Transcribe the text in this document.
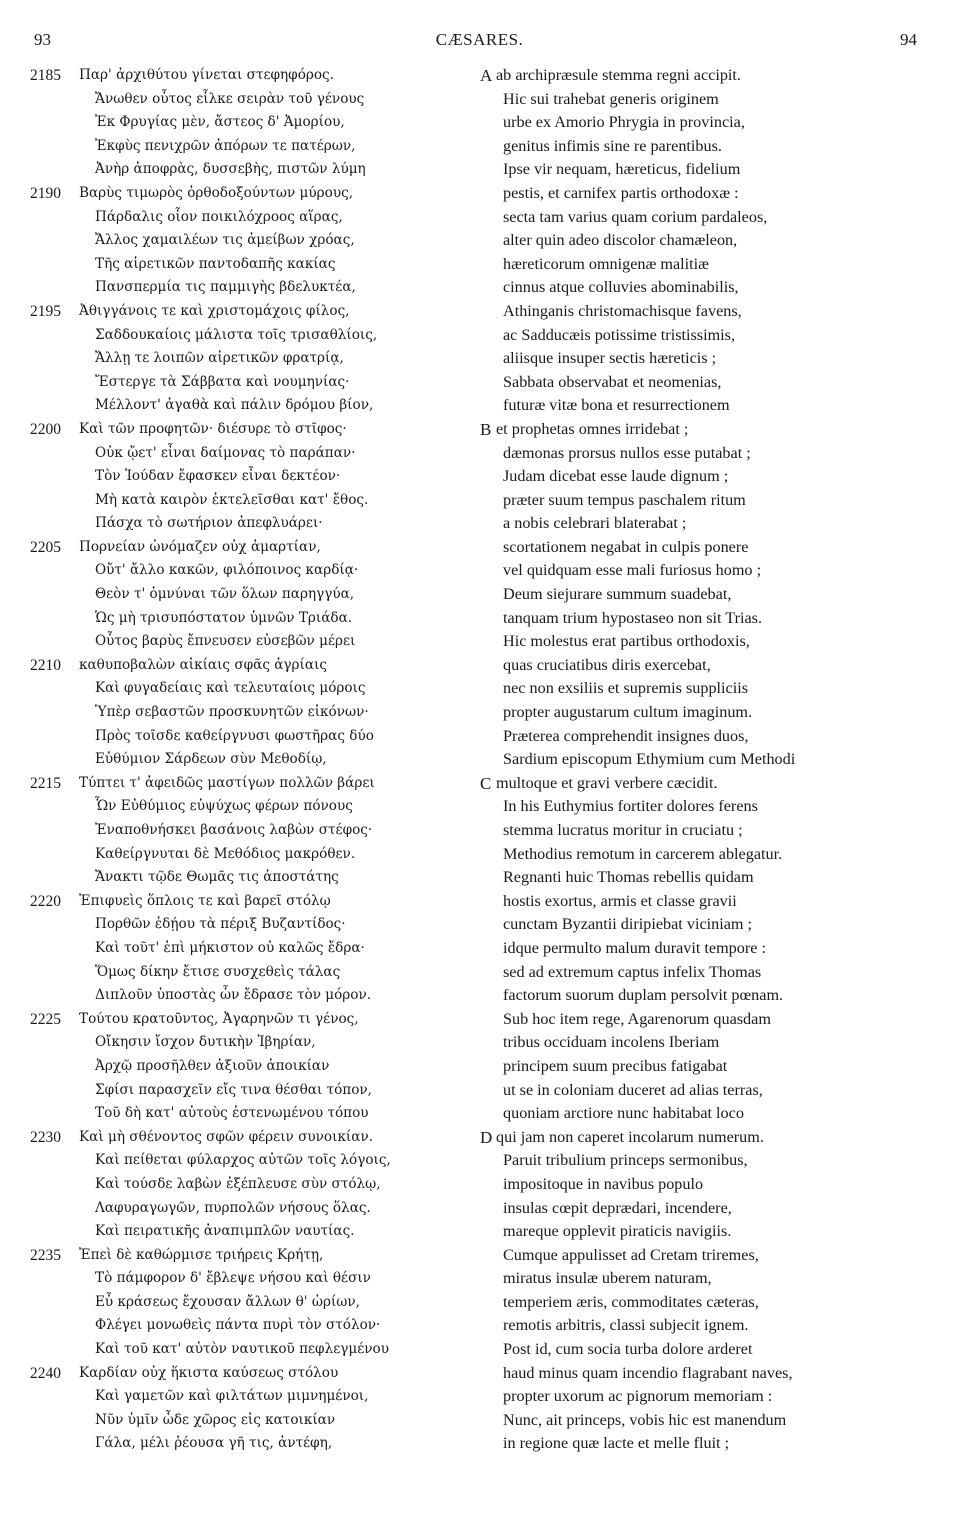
93	CÆSARES.	94
2185	Παρ' ἀρχιθύτου γίνεται στεφηφόρος.
Ἄνωθεν οὗτος εἷλκε σειρὰν τοῦ γένους
Ἐκ Φρυγίας μὲν, ἄστεος δ' Ἀμορίου,
Ἐκφὺς πενιχρῶν ἀπόρων τε πατέρων,
Ἀνὴρ ἀποφρὰς, δυσσεβὴς, πιστῶν λύμη
2190	Βαρὺς τιμωρὸς ὀρθοδοξούντων μύρους,
Πάρδαλις οἷον ποικιλόχροος αἵρας,
Ἄλλος χαμαιλέων τις ἀμείβων χρόας,
Τῆς αἱρετικῶν παντοδαπῆς κακίας
Πανσπερμία τις παμμιγὴς βδελυκτέα,
2195	Ἀθιγγάνοις τε καὶ χριστομάχοις φίλος,
Σαδδουκαίοις μάλιστα τοῖς τρισαθλίοις,
Ἄλλῃ τε λοιπῶν αἱρετικῶν φρατρίᾳ,
Ἔστεργε τὰ Σάββατα καὶ νουμηνίας·
Μέλλοντ' ἀγαθὰ καὶ πάλιν δρόμου βίον,
2200	Καὶ τῶν προφητῶν· διέσυρε τὸ στῖφος·
Οὐκ ᾤετ' εἶναι δαίμονας τὸ παράπαν·
Τὸν Ἰούδαν ἔφασκεν εἶναι δεκτέον·
Μὴ κατὰ καιρὸν ἐκτελεῖσθαι κατ' ἔθος.
Πάσχα τὸ σωτήριον ἀπεφλυάρει·
2205	Πορνείαν ὠνόμαζεν οὐχ ἁμαρτίαν,
Οὔτ' ἄλλο κακῶν, φιλόποινος καρδίᾳ·
Θεὸν τ' ὀμνύναι τῶν ὅλων παρηγγύα,
Ὡς μὴ τρισυπόστατον ὑμνῶν Τριάδα.
Οὗτος βαρὺς ἔπνευσεν εὐσεβῶν μέρει
2210	καθυποβαλὼν αἰκίαις σφᾶς ἀγρίαις
Καὶ φυγαδείαις καὶ τελευταίοις μόροις
Ὑπὲρ σεβαστῶν προσκυνητῶν εἰκόνων·
Πρὸς τοῖσδε καθείργνυσι φωστῆρας δύο
Εὐθύμιον Σάρδεων σὺν Μεθοδίῳ,
2215	Τύπτει τ' ἀφειδῶς μαστίγων πολλῶν βάρει
Ὧν Εὐθύμιος εὐψύχως φέρων πόνους
Ἐναποθνήσκει βασάνοις λαβὼν στέφος·
Καθείργνυται δὲ Μεθόδιος μακρόθεν.
Ἄνακτι τῷδε Θωμᾶς τις ἀποστάτης
2220	Ἐπιφυεὶς ὅπλοις τε καὶ βαρεῖ στόλῳ
Πορθῶν ἐδῄου τὰ πέριξ Βυζαντίδος·
Καὶ τοῦτ' ἐπὶ μήκιστον οὐ καλῶς ἔδρα·
Ὅμως δίκην ἔτισε συσχεθεὶς τάλας
Διπλοῦν ὑποστὰς ὧν ἔδρασε τὸν μόρον.
2225	Τούτου κρατοῦντος, Ἀγαρηνῶν τι γένος,
Οἴκησιν ἴσχον δυτικὴν Ἰβηρίαν,
Ἀρχῷ προσῆλθεν ἀξιοῦν ἀποικίαν
Σφίσι παρασχεῖν εἴς τινα θέσθαι τόπον,
Τοῦ δὴ κατ' αὐτοὺς ἐστενωμένου τόπου
2230	Καὶ μὴ σθένοντος σφῶν φέρειν συνοικίαν.
Καὶ πείθεται φύλαρχος αὐτῶν τοῖς λόγοις,
Καὶ τούσδε λαβὼν ἐξέπλευσε σὺν στόλῳ,
Λαφυραγωγῶν, πυρπολῶν νήσους ὅλας.
Καὶ πειρατικῆς ἀναπιμπλῶν ναυτίας.
2235	Ἐπεὶ δὲ καθώρμισε τριήρεις Κρήτῃ,
Τὸ πάμφορον δ' ἔβλεψε νήσου καὶ θέσιν
Εὖ κράσεως ἔχουσαν ἄλλων θ' ὡρίων,
Φλέγει μονωθεὶς πάντα πυρὶ τὸν στόλον·
Καὶ τοῦ κατ' αὐτὸν ναυτικοῦ πεφλεγμένου
2240	Καρδίαν οὐχ ἥκιστα καύσεως στόλου
Καὶ γαμετῶν καὶ φιλτάτων μιμνημένοι,
Νῦν ὑμῖν ὧδε χῶρος εἰς κατοικίαν
Γάλα, μέλι ῥέουσα γῆ τις, ἀντέφη,
A ab archipræsule stemma regni accipit.
Hic sui trahebat generis originem
urbe ex Amorio Phrygia in provincia,
genitus infimis sine re parentibus.
Ipse vir nequam, hæreticus, fidelium
pestis, et carnifex partis orthodoxæ :
secta tam varius quam corium pardaleos,
alter quin adeo discolor chamæleon,
hæreticorum omnigenæ malitiæ
cinnus atque colluvies abominabilis,
Athinganis christomachisque favens,
ac Sadducæis potissime tristissimis,
aliisque insuper sectis hæreticis ;
Sabbata observabat et neomenias,
futuræ vitæ bona et resurrectionem
B et prophetas omnes irridebat ;
dæmonas prorsus nullos esse putabat ;
Judam dicebat esse laude dignum ;
præter suum tempus paschalem ritum
a nobis celebrari blaterabat ;
scortationem negabat in culpis ponere
vel quidquam esse mali furiosus homo ;
Deum siejurare summum suadebat,
tanquam trium hypostaseo non sit Trias.
Hic molestus erat partibus orthodoxis,
quas cruciatibus diris exercebat,
nec non exsiliis et supremis suppliciis
propter augustarum cultum imaginum.
Præterea comprehendit insignes duos,
Sardium episcopum Ethymium cum Methodi
C multoque et gravi verbere cæcidit.
In his Euthymius fortiter dolores ferens
stemma lucratus moritur in cruciatu ;
Methodius remotum in carcerem ablegatur.
Regnanti huic Thomas rebellis quidam
hostis exortus, armis et classe gravii
cunctam Byzantii diripiebat viciniam ;
idque permulto malum duravit tempore :
sed ad extremum captus infelix Thomas
factorum suorum duplam persolvit pœnam.
Sub hoc item rege, Agarenorum quasdam
tribus occiduam incolens Iberiam
principem suum precibus fatigabat
ut se in coloniam duceret ad alias terras,
quoniam arctiore nunc habitabat loco
D qui jam non caperet incolarum numerum.
Paruit tribulium princeps sermonibus,
impositoque in navibus populo
insulas cœpit deprædari, incendere,
mareque opplevit piraticis navigiis.
Cumque appulisset ad Cretam triremes,
miratus insulæ uberem naturam,
temperiem æris, commoditates cæteras,
remotis arbitris, classi subjecit ignem.
Post id, cum socia turba dolore arderet
haud minus quam incendio flagrabant naves,
propter uxorum ac pignorum memoriam :
Nunc, ait princeps, vobis hic est manendum
in regione quæ lacte et melle fluit ;
